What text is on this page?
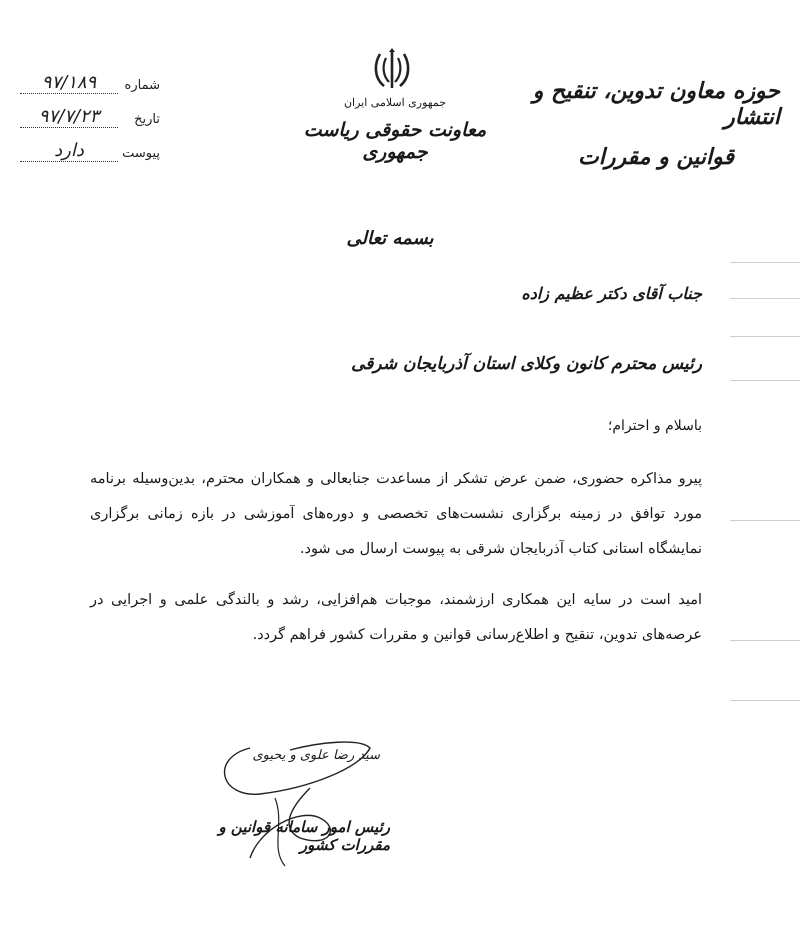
شماره
۹۷/۱۸۹
تاریخ
۹۷/۷/۲۳
پیوست
دارد
جمهوری اسلامی ایران
معاونت حقوقی ریاست جمهوری
حوزه معاون تدوین، تنقیح و انتشار
قوانین و مقررات
بسمه تعالی
جناب آقای دکتر عظیم زاده
رئیس محترم کانون وکلای استان آذربایجان شرقی
باسلام و احترام؛

پیرو مذاکره حضوری، ضمن عرض تشکر از مساعدت جنابعالی و همکاران محترم، بدین‌وسیله برنامه مورد توافق در زمینه برگزاری نشست‌های تخصصی و دوره‌های آموزشی در بازه زمانی برگزاری نمایشگاه استانی کتاب آذربایجان شرقی به پیوست ارسال می شود.

امید است در سایه این همکاری ارزشمند، موجبات هم‌افزایی، رشد و بالندگی علمی و اجرایی در عرصه‌های تدوین، تنقیح و اطلاع‌رسانی قوانین و مقررات کشور فراهم گردد.

سید رضا علوی و یحیوی
رئیس امور سامانه قوانین و مقررات کشور
